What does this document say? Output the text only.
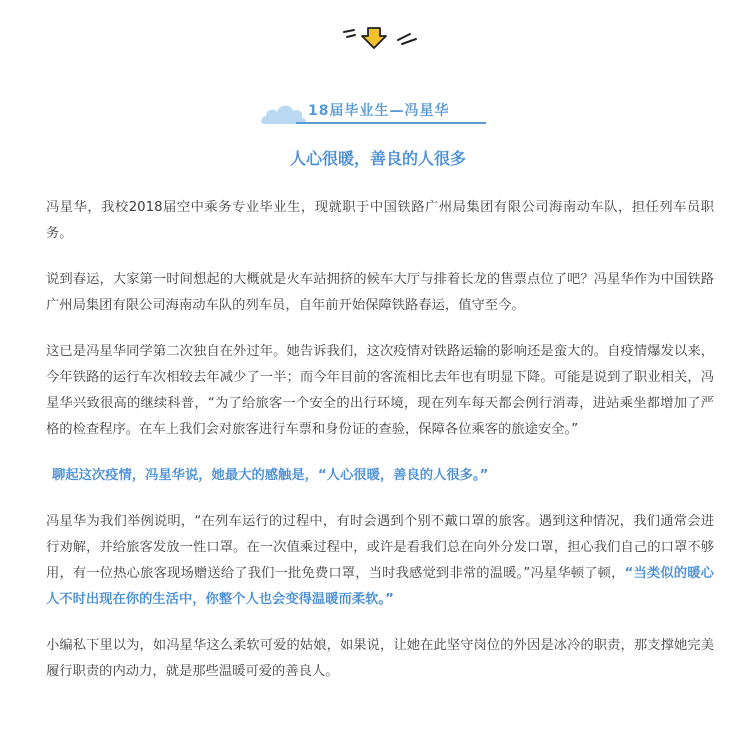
18届毕业生—冯星华
人心很暖，善良的人很多

冯星华，我校2018届空中乘务专业毕业生，现就职于中国铁路广州局集团有限公司海南动车队，担任列车员职务。

说到春运，大家第一时间想起的大概就是火车站拥挤的候车大厅与排着长龙的售票点位了吧？冯星华作为中国铁路广州局集团有限公司海南动车队的列车员，自年前开始保障铁路春运，值守至今。

这已是冯星华同学第二次独自在外过年。她告诉我们，这次疫情对铁路运输的影响还是蛮大的。自疫情爆发以来，今年铁路的运行车次相较去年减少了一半；而今年目前的客流相比去年也有明显下降。可能是说到了职业相关，冯星华兴致很高的继续科普，“为了给旅客一个安全的出行环境，现在列车每天都会例行消毒，进站乘坐都增加了严格的检查程序。在车上我们会对旅客进行车票和身份证的查验，保障各位乘客的旅途安全。”

聊起这次疫情，冯星华说，她最大的感触是，“人心很暖，善良的人很多。”

冯星华为我们举例说明，“在列车运行的过程中，有时会遇到个别不戴口罩的旅客。遇到这种情况，我们通常会进行劝解，并给旅客发放一性口罩。在一次值乘过程中，或许是看我们总在向外分发口罩，担心我们自己的口罩不够用，有一位热心旅客现场赠送给了我们一批免费口罩，当时我感觉到非常的温暖。”冯星华顿了顿，“当类似的暖心人不时出现在你的生活中，你整个人也会变得温暖而柔软。”

小编私下里以为，如冯星华这么柔软可爱的姑娘，如果说，让她在此坚守岗位的外因是冰冷的职责，那支撑她完美履行职责的内动力，就是那些温暖可爱的善良人。
